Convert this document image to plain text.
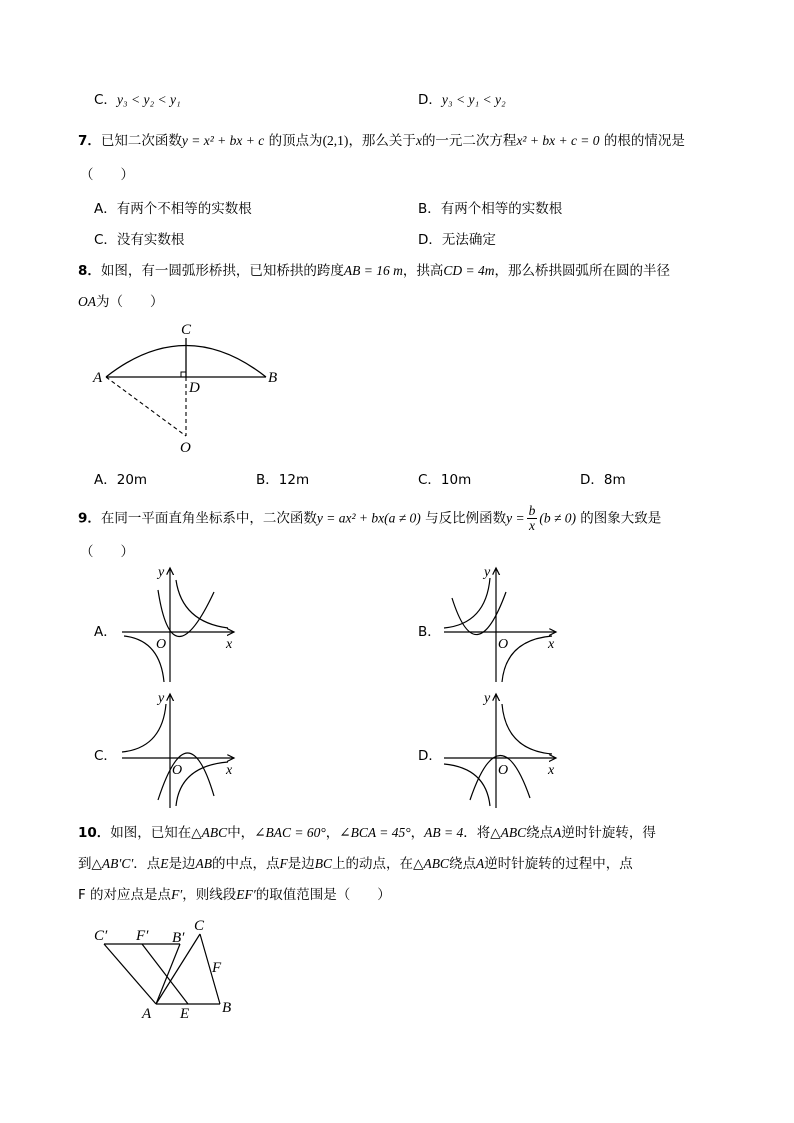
C．y₃ < y₂ < y₁	D．y₃ < y₁ < y₂
7．已知二次函数y = x² + bx + c 的顶点为(2,1)，那么关于x的一元二次方程x² + bx + c = 0 的根的情况是
（　　）
A．有两个不相等的实数根	B．有两个相等的实数根
C．没有实数根	D．无法确定
8．如图，有一圆弧形桥拱，已知桥拱的跨度AB = 16 m，拱高CD = 4m，那么桥拱圆弧所在圆的半径
OA为（　　）
C
A	B
D
O
A．20m	B．12m	C．10m	D．8m
9．在同一平面直角坐标系中，二次函数y = ax² + bx(a ≠ 0) 与反比例函数$y = \frac{b}{x} (b \ne 0)$ 的图象大致是
（　　）
A．	B．
C．	D．
y
x
O
y
x
O
y
x
O
y
x
O
10．如图，已知在△ABC中，∠BAC = 60°，∠BCA = 45°，AB = 4．将△ABC绕点A逆时针旋转，得
到△AB′C′．点E是边AB的中点，点F是边BC上的动点，在△ABC绕点A逆时针旋转的过程中，点
F 的对应点是点F′，则线段EF′的取值范围是（　　）
C′ F′ B′
C
F
A E B
